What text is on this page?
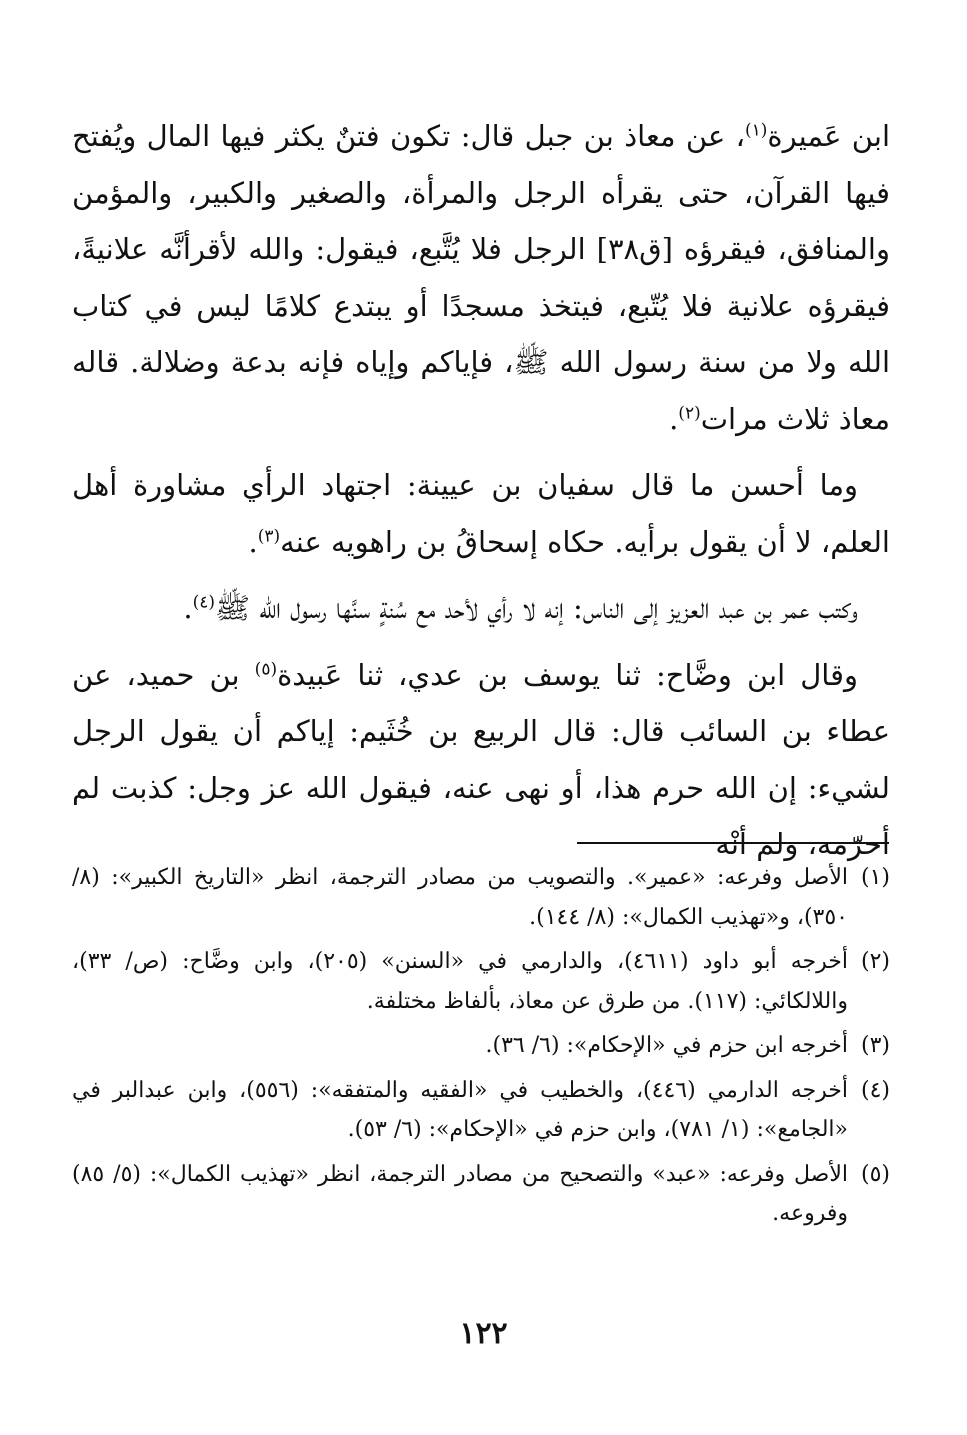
ابن عَميرة$^{(١)}$، عن معاذ بن جبل قال: تكون فتنٌ يكثر فيها المال ويُفتح فيها القرآن، حتى يقرأه الرجل والمرأة، والصغير والكبير، والمؤمن والمنافق، فيقرؤه [ق٣٨] الرجل فلا يُتَّبع، فيقول: والله لأقرأنَّه علانيةً، فيقرؤه علانية فلا يُتّبع، فيتخذ مسجدًا أو يبتدع كلامًا ليس في كتاب الله ولا من سنة رسول الله ﷺ، فإياكم وإياه فإنه بدعة وضلالة. قاله معاذ ثلاث مرات$^{(٢)}$.

وما أحسن ما قال سفيان بن عيينة: اجتهاد الرأي مشاورة أهل العلم، لا أن يقول برأيه. حكاه إسحاقُ بن راهويه عنه$^{(٣)}$.

وكتب عمر بن عبد العزيز إلى الناس: إنه لا رأي لأحد مع سُنةٍ سنَّها رسول الله ﷺ$^{(٤)}$.

وقال ابن وضَّاح: ثنا يوسف بن عدي، ثنا عَبيدة$^{(٥)}$ بن حميد، عن عطاء بن السائب قال: قال الربيع بن خُثَيم: إياكم أن يقول الرجل لشيء: إن الله حرم هذا، أو نهى عنه، فيقول الله عز وجل: كذبت لم أحرّمه، ولم أنْه

(١)
الأصل وفرعه: «عمير». والتصويب من مصادر الترجمة، انظر «التاريخ الكبير»: (٨/ ٣٥٠)، و«تهذيب الكمال»: (٨/ ١٤٤).
(٢)
أخرجه أبو داود (٤٦١١)، والدارمي في «السنن» (٢٠٥)، وابن وضَّاح: (ص/ ٣٣)، واللالكائي: (١١٧). من طرق عن معاذ، بألفاظ مختلفة.
(٣)
أخرجه ابن حزم في «الإحكام»: (٦/ ٣٦).
(٤)
أخرجه الدارمي (٤٤٦)، والخطيب في «الفقيه والمتفقه»: (٥٥٦)، وابن عبدالبر في «الجامع»: (١/ ٧٨١)، وابن حزم في «الإحكام»: (٦/ ٥٣).
(٥)
الأصل وفرعه: «عبد» والتصحيح من مصادر الترجمة، انظر «تهذيب الكمال»: (٥/ ٨٥) وفروعه.
١٢٢
